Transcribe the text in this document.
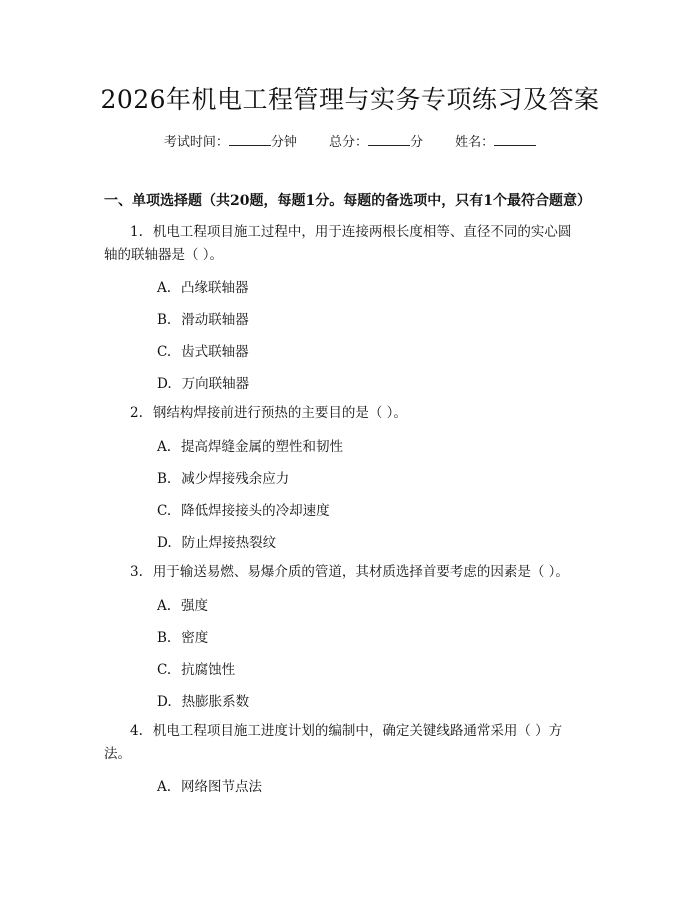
2026年机电工程管理与实务专项练习及答案
考试时间：	分钟 总分：	分 姓名：
一、单项选择题（共20题，每题1分。每题的备选项中，只有1个最符合题意）
1. 机电工程项目施工过程中，用于连接两根长度相等、直径不同的实心圆轴的联轴器是（ ）。
A. 凸缘联轴器
B. 滑动联轴器
C. 齿式联轴器
D. 万向联轴器
2. 钢结构焊接前进行预热的主要目的是（ ）。
A. 提高焊缝金属的塑性和韧性
B. 减少焊接残余应力
C. 降低焊接接头的冷却速度
D. 防止焊接热裂纹
3. 用于输送易燃、易爆介质的管道，其材质选择首要考虑的因素是（ ）。
A. 强度
B. 密度
C. 抗腐蚀性
D. 热膨胀系数
4. 机电工程项目施工进度计划的编制中，确定关键线路通常采用（ ）方法。
A. 网络图节点法
